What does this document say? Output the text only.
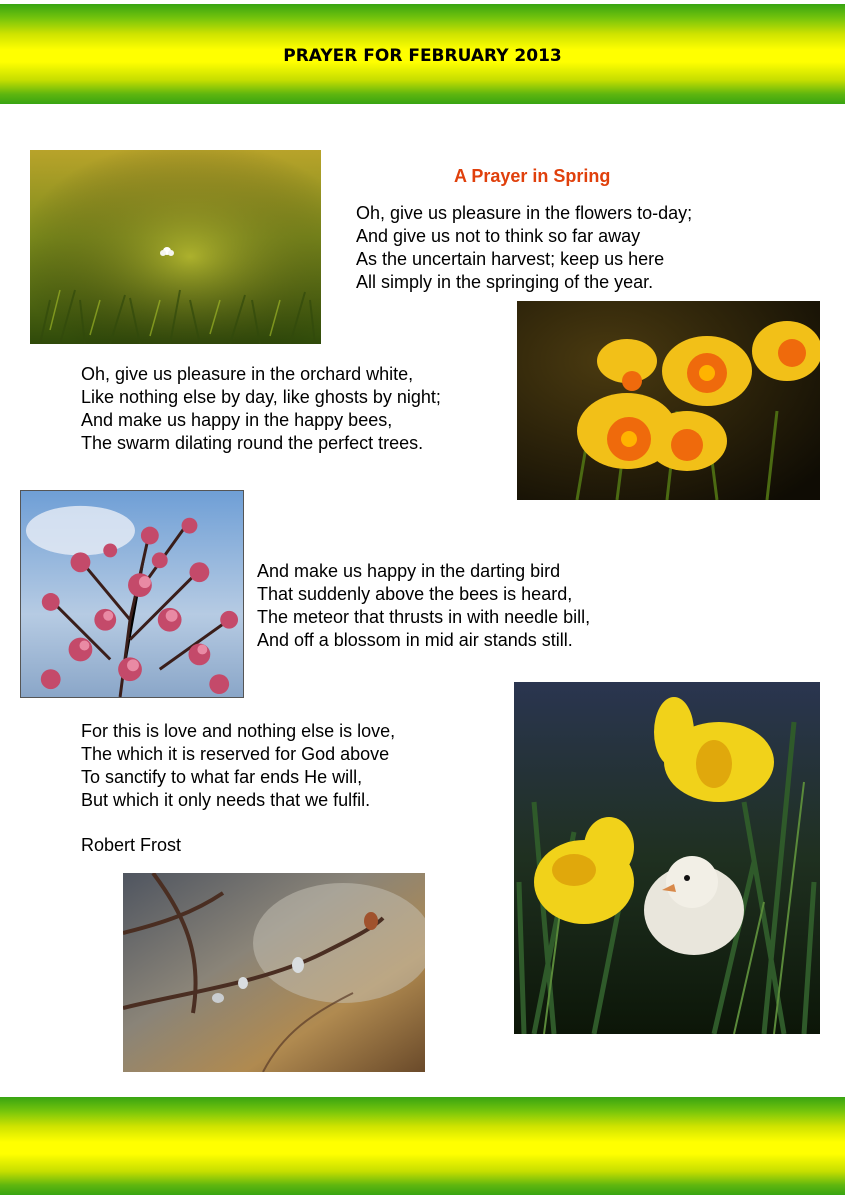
PRAYER FOR FEBRUARY 2013
A Prayer in Spring
Oh, give us pleasure in the flowers to-day;
And give us not to think so far away
As the uncertain harvest; keep us here
All simply in the springing of the year.
Oh, give us pleasure in the orchard white,
Like nothing else by day, like ghosts by night;
And make us happy in the happy bees,
The swarm dilating round the perfect trees.
And make us happy in the darting bird
That suddenly above the bees is heard,
The meteor that thrusts in with needle bill,
And off a blossom in mid air stands still.
For this is love and nothing else is love,
The which it is reserved for God above
To sanctify to what far ends He will,
But which it only needs that we fulfil.
Robert Frost
